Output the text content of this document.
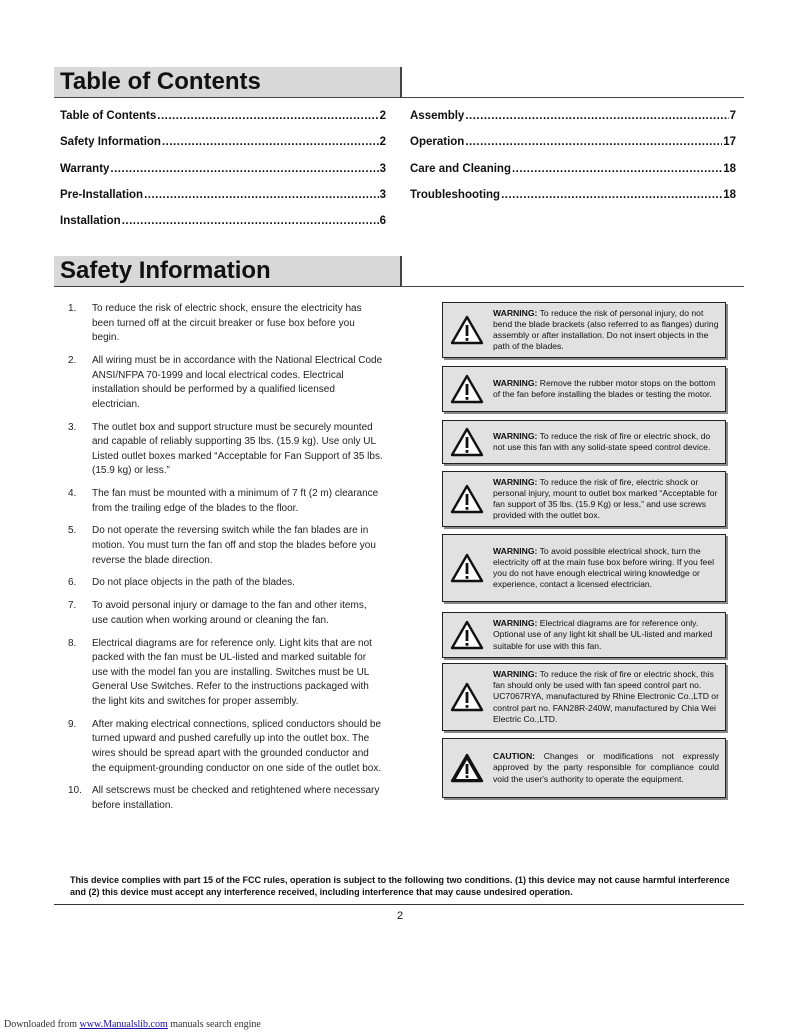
Table of Contents
Table of Contents .....	2
Safety Information .....	2
Warranty .....	3
Pre-Installation .....	3
Installation .....	6
Assembly .....	7
Operation .....	17
Care and Cleaning .....	18
Troubleshooting .....	18
Safety Information
1.	To reduce the risk of electric shock, ensure the electricity has been turned off at the circuit breaker or fuse box before you begin.
2.	All wiring must be in accordance with the National Electrical Code ANSI/NFPA 70-1999 and local electrical codes. Electrical installation should be performed by a qualified licensed electrician.
3.	The outlet box and support structure must be securely mounted and capable of reliably supporting 35 lbs. (15.9 kg). Use only UL Listed outlet boxes marked “Acceptable for Fan Support of 35 lbs. (15.9 kg) or less.”
4.	The fan must be mounted with a minimum of 7 ft (2 m) clearance from the trailing edge of the blades to the floor.
5.	Do not operate the reversing switch while the fan blades are in motion. You must turn the fan off and stop the blades before you reverse the blade direction.
6.	Do not place objects in the path of the blades.
7.	To avoid personal injury or damage to the fan and other items, use caution when working around or cleaning the fan.
8.	Electrical diagrams are for reference only. Light kits that are not packed with the fan must be UL-listed and marked suitable for use with the model fan you are installing. Switches must be UL General Use Switches. Refer to the instructions packaged with the light kits and switches for proper assembly.
9.	After making electrical connections, spliced conductors should be turned upward and pushed carefully up into the outlet box. The wires should be spread apart with the grounded conductor and the equipment-grounding conductor on one side of the outlet box.
10.	All setscrews must be checked and retightened where necessary before installation.
WARNING: To reduce the risk of personal injury, do not bend the blade brackets (also referred to as flanges) during assembly or after installation. Do not insert objects in the path of the blades.
WARNING: Remove the rubber motor stops on the bottom of the fan before installing the blades or testing the motor.
WARNING: To reduce the risk of fire or electric shock, do not use this fan with any solid-state speed control device.
WARNING: To reduce the risk of fire, electric shock or personal injury, mount to outlet box marked “Acceptable for fan support of 35 lbs. (15.9 Kg) or less,” and use screws provided with the outlet box.
WARNING: To avoid possible electrical shock, turn the electricity off at the main fuse box before wiring. If you feel you do not have enough electrical wiring knowledge or experience, contact a licensed electrician.
WARNING: Electrical diagrams are for reference only. Optional use of any light kit shall be UL-listed and marked suitable for use with this fan.
WARNING: To reduce the risk of fire or electric shock, this fan should only be used with fan speed control part no. UC7067RYA, manufactured by Rhine Electronic Co.,LTD or control part no. FAN28R-240W, manufactured by Chia Wei Electric Co.,LTD.
CAUTION: Changes or modifications not expressly approved by the party responsible for compliance could void the user's authority to operate the equipment.
This device complies with part 15 of the FCC rules, operation is subject to the following two conditions. (1) this device may not cause harmful interference and (2) this device must accept any interference received, including interference that may cause undesired operation.
2
Downloaded from www.Manualslib.com manuals search engine
